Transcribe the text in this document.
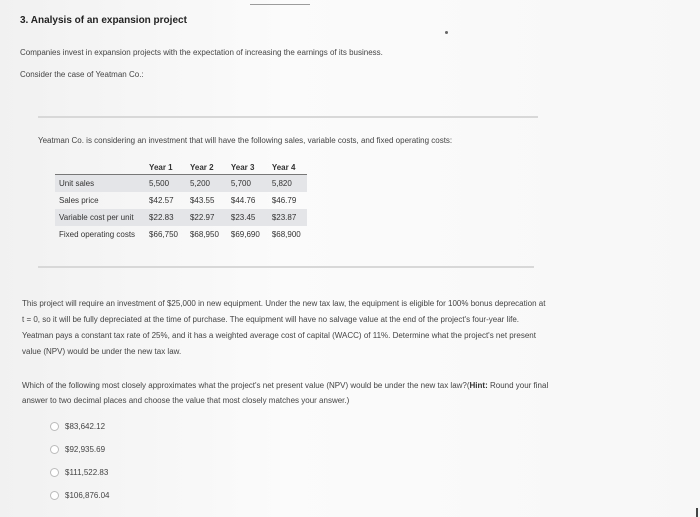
3. Analysis of an expansion project
Companies invest in expansion projects with the expectation of increasing the earnings of its business.
Consider the case of Yeatman Co.:
Yeatman Co. is considering an investment that will have the following sales, variable costs, and fixed operating costs:
	Year 1	Year 2	Year 3	Year 4
Unit sales	5,500	5,200	5,700	5,820
Sales price	$42.57	$43.55	$44.76	$46.79
Variable cost per unit	$22.83	$22.97	$23.45	$23.87
Fixed operating costs	$66,750	$68,950	$69,690	$68,900
This project will require an investment of $25,000 in new equipment. Under the new tax law, the equipment is eligible for 100% bonus deprecation at
t = 0, so it will be fully depreciated at the time of purchase. The equipment will have no salvage value at the end of the project's four-year life.
Yeatman pays a constant tax rate of 25%, and it has a weighted average cost of capital (WACC) of 11%. Determine what the project's net present
value (NPV) would be under the new tax law.
Which of the following most closely approximates what the project's net present value (NPV) would be under the new tax law?(Hint: Round your final
answer to two decimal places and choose the value that most closely matches your answer.)
$83,642.12
$92,935.69
$111,522.83
$106,876.04
